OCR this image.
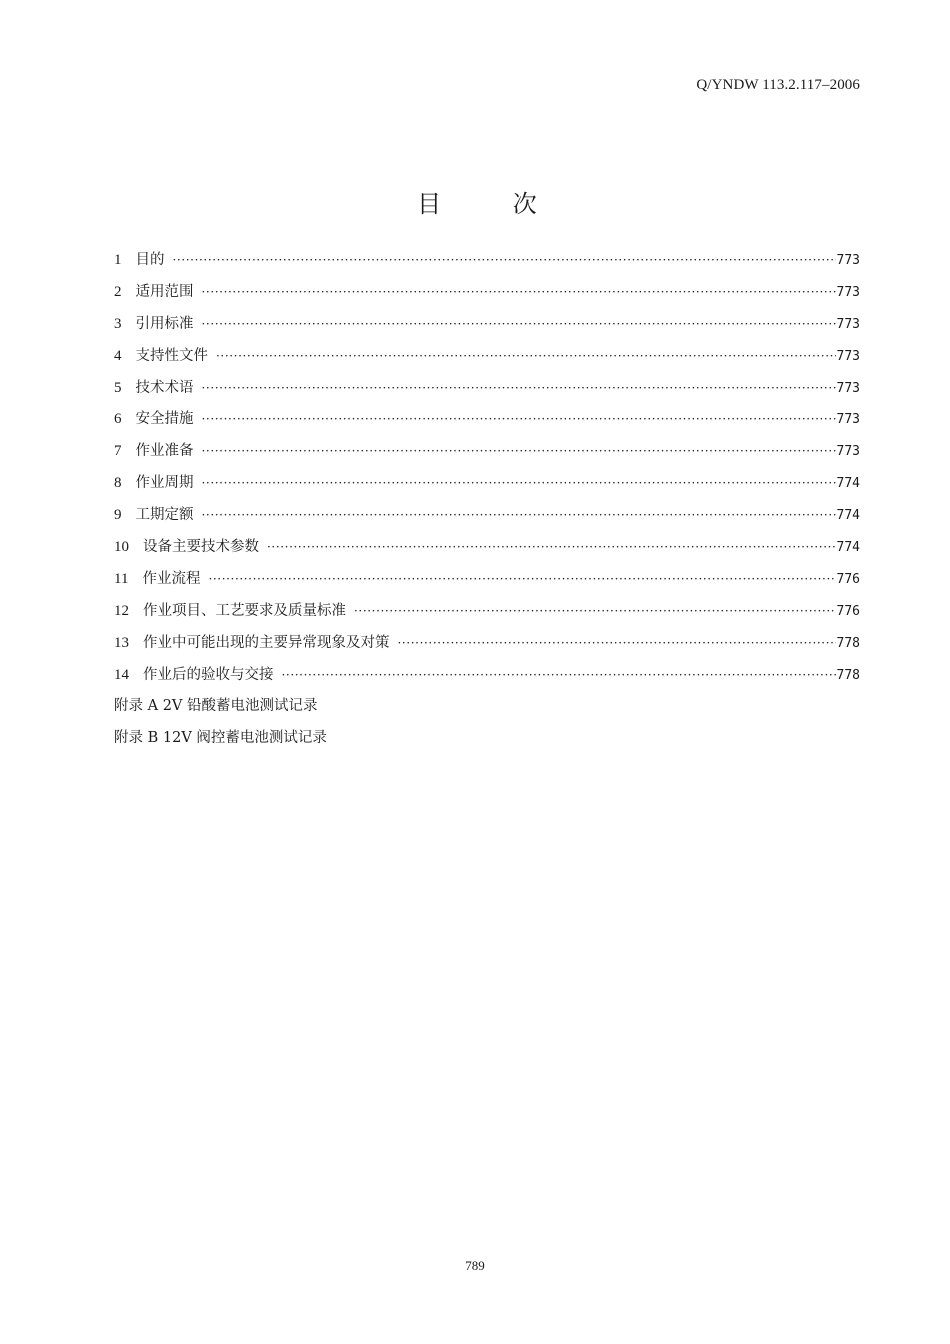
Q/YNDW 113.2.117–2006
目 次
1 目的 ·····	773
2 适用范围 ·····	773
3 引用标准 ·····	773
4 支持性文件 ·····	773
5 技术术语 ·····	773
6 安全措施 ·····	773
7 作业准备 ·····	773
8 作业周期 ·····	774
9 工期定额 ·····	774
10 设备主要技术参数 ·····	774
11 作业流程 ·····	776
12 作业项目、工艺要求及质量标准 ·····	776
13 作业中可能出现的主要异常现象及对策 ·····	778
14 作业后的验收与交接 ·····	778
附录 A 2V 铅酸蓄电池测试记录
附录 B 12V 阀控蓄电池测试记录
789
